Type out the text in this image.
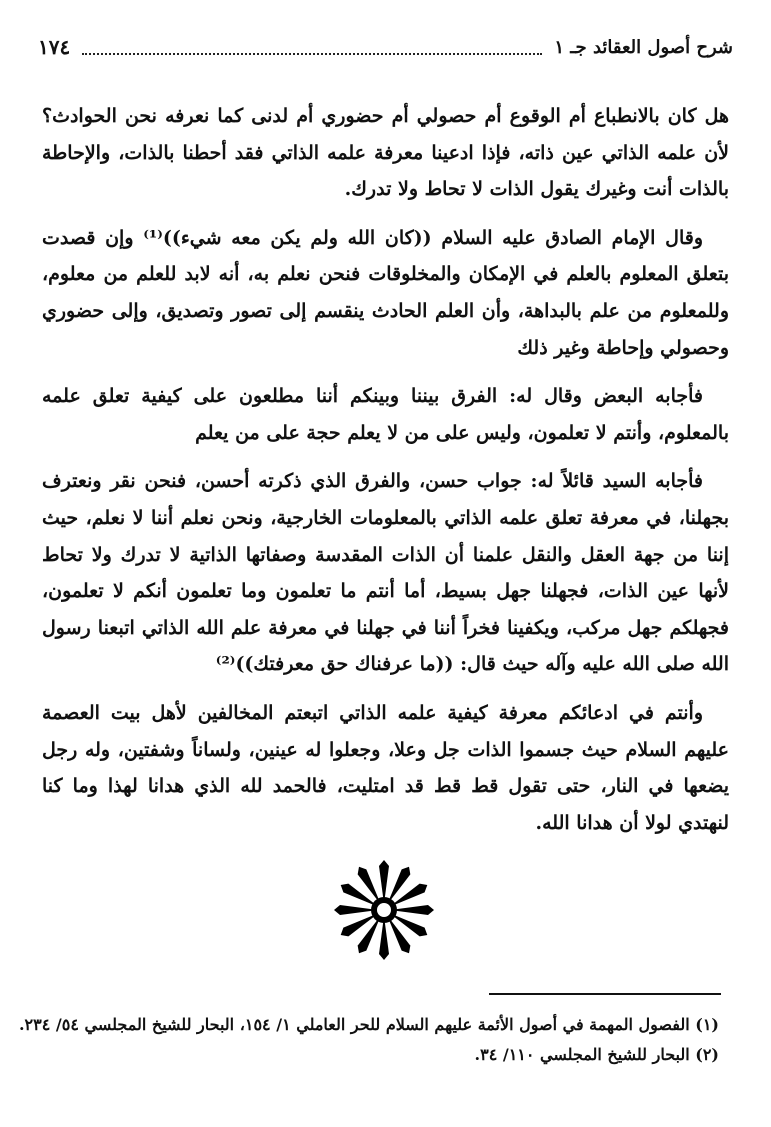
شرح أصول العقائد جـ ١
١٧٤

هل كان بالانطباع أم الوقوع أم حصولي أم حضوري أم لدنى كما نعرفه نحن الحوادث؟ لأن علمه الذاتي عين ذاته، فإذا ادعينا معرفة علمه الذاتي فقد أحطنا بالذات، والإحاطة بالذات أنت وغيرك يقول الذات لا تحاط ولا تدرك.

وقال الإمام الصادق عليه السلام ((كان الله ولم يكن معه شيء))⁽¹⁾ وإن قصدت بتعلق المعلوم بالعلم في الإمكان والمخلوقات فنحن نعلم به، أنه لابد للعلم من معلوم، وللمعلوم من علم بالبداهة، وأن العلم الحادث ينقسم إلى تصور وتصديق، وإلى حضوري وحصولي وإحاطة وغير ذلك

فأجابه البعض وقال له: الفرق بيننا وبينكم أننا مطلعون على كيفية تعلق علمه بالمعلوم، وأنتم لا تعلمون، وليس على من لا يعلم حجة على من يعلم

فأجابه السيد قائلاً له: جواب حسن، والفرق الذي ذكرته أحسن، فنحن نقر ونعترف بجهلنا، في معرفة تعلق علمه الذاتي بالمعلومات الخارجية، ونحن نعلم أننا لا نعلم، حيث إننا من جهة العقل والنقل علمنا أن الذات المقدسة وصفاتها الذاتية لا تدرك ولا تحاط لأنها عين الذات، فجهلنا جهل بسيط، أما أنتم ما تعلمون وما تعلمون أنكم لا تعلمون، فجهلكم جهل مركب، ويكفينا فخراً أننا في جهلنا في معرفة علم الله الذاتي اتبعنا رسول الله صلى الله عليه وآله حيث قال: ((ما عرفناك حق معرفتك))⁽²⁾

وأنتم في ادعائكم معرفة كيفية علمه الذاتي اتبعتم المخالفين لأهل بيت العصمة عليهم السلام حيث جسموا الذات جل وعلا، وجعلوا له عينين، ولساناً وشفتين، وله رجل يضعها في النار، حتى تقول قط قط قد امتليت، فالحمد لله الذي هدانا لهذا وما كنا لنهتدي لولا أن هدانا الله.

(١) الفصول المهمة في أصول الأئمة عليهم السلام للحر العاملي ١/ ١٥٤، البحار للشيخ المجلسي ٥٤/ ٢٣٤.

(٢) البحار للشيخ المجلسي ١١٠/ ٣٤.
